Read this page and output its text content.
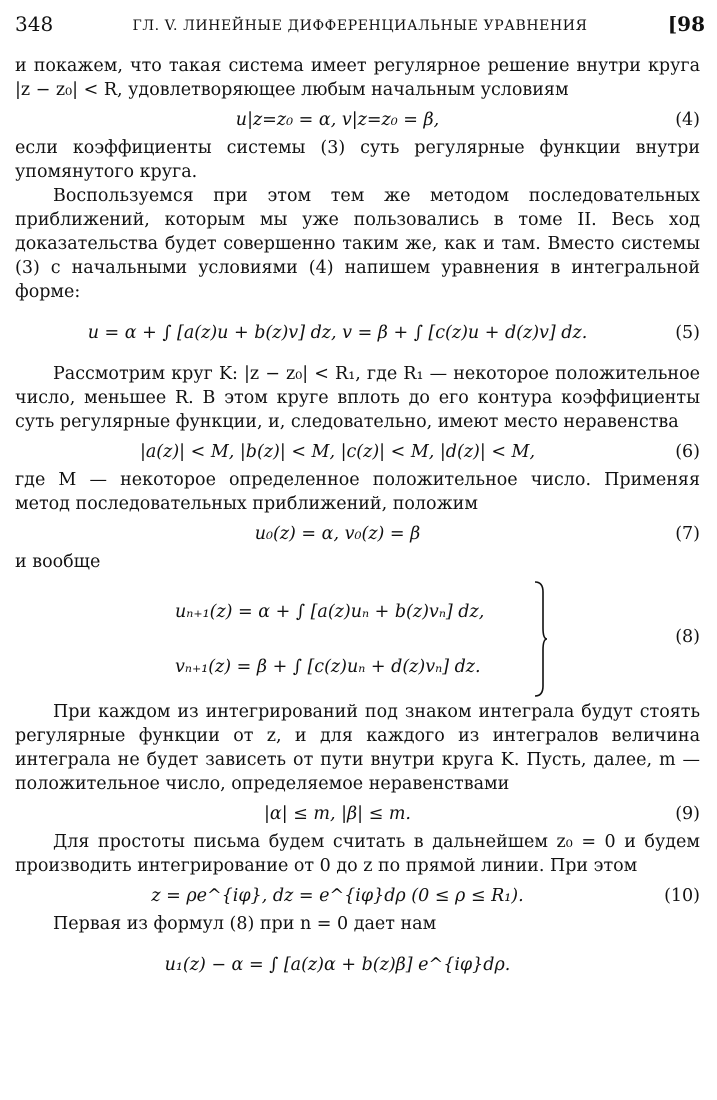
348	ГЛ. V. ЛИНЕЙНЫЕ ДИФФЕРЕНЦИАЛЬНЫЕ УРАВНЕНИЯ	[98

и покажем, что такая система имеет регулярное решение внутри круга |z − z₀| < R, удовлетворяющее любым начальным условиям

u|z=z₀ = α, v|z=z₀ = β,	(4)

если коэффициенты системы (3) суть регулярные функции внутри упомянутого круга.

Воспользуемся при этом тем же методом последовательных приближений, которым мы уже пользовались в томе II. Весь ход доказательства будет совершенно таким же, как и там. Вместо системы (3) с начальными условиями (4) напишем уравнения в интегральной форме:

u = α + ∫ [a(z)u + b(z)v] dz, v = β + ∫ [c(z)u + d(z)v] dz.	(5)

Рассмотрим круг K: |z − z₀| < R₁, где R₁ — некоторое положительное число, меньшее R. В этом круге вплоть до его контура коэффициенты суть регулярные функции, и, следовательно, имеют место неравенства

|a(z)| < M, |b(z)| < M, |c(z)| < M, |d(z)| < M,	(6)

где M — некоторое определенное положительное число. Применяя метод последовательных приближений, положим

u₀(z) = α, v₀(z) = β	(7)

и вообще

uₙ₊₁(z) = α + ∫ [a(z)uₙ + b(z)vₙ] dz,
vₙ₊₁(z) = β + ∫ [c(z)uₙ + d(z)vₙ] dz.
(8)

При каждом из интегрирований под знаком интеграла будут стоять регулярные функции от z, и для каждого из интегралов величина интеграла не будет зависеть от пути внутри круга K. Пусть, далее, m — положительное число, определяемое неравенствами

|α| ≤ m, |β| ≤ m.	(9)

Для простоты письма будем считать в дальнейшем z₀ = 0 и будем производить интегрирование от 0 до z по прямой линии. При этом

z = ρe^{iφ}, dz = e^{iφ}dρ (0 ≤ ρ ≤ R₁).	(10)

Первая из формул (8) при n = 0 дает нам

u₁(z) − α = ∫ [a(z)α + b(z)β] e^{iφ}dρ.
